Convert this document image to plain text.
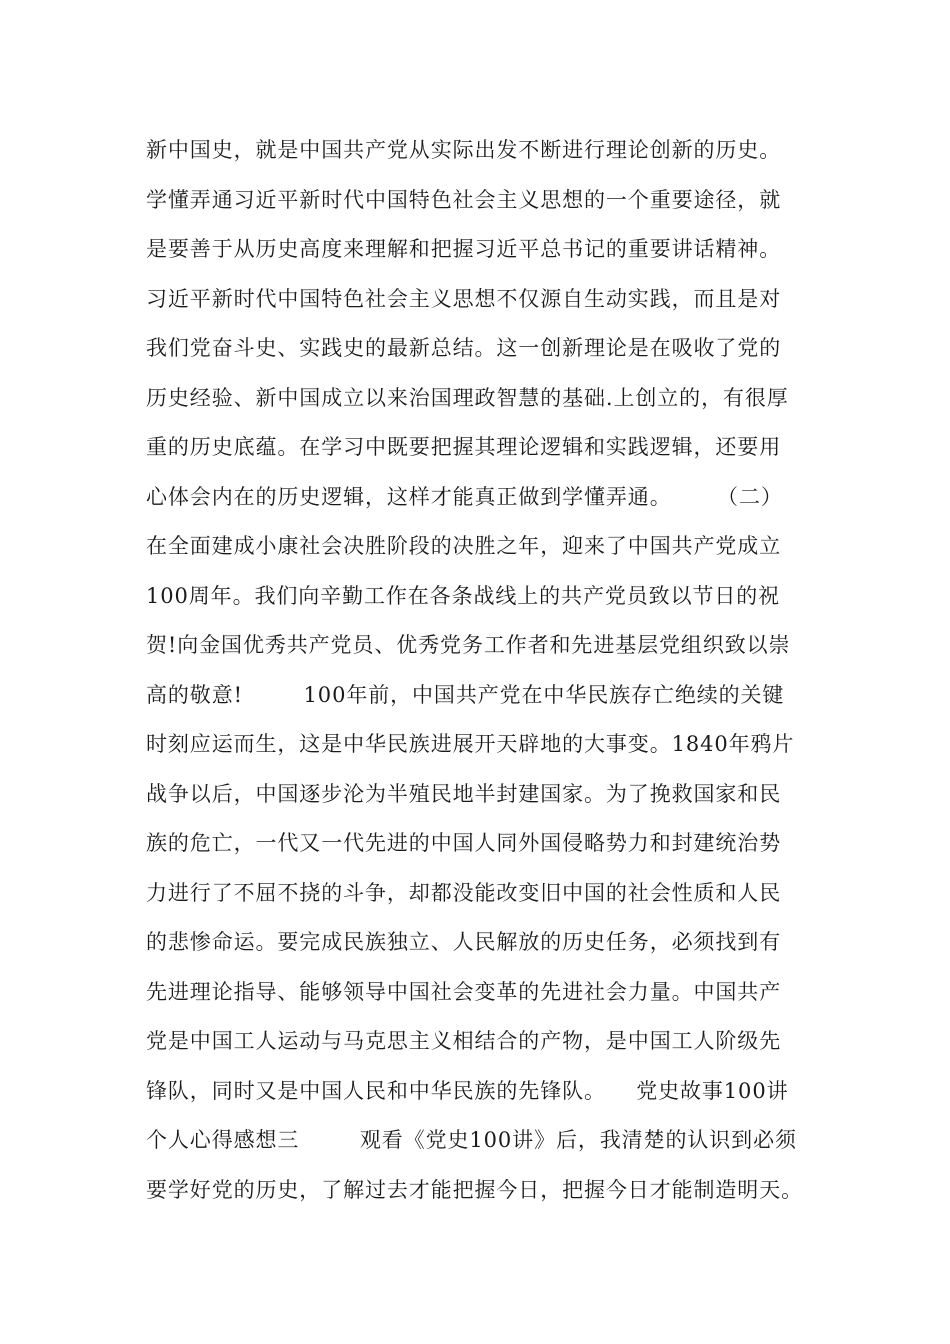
新中国史，就是中国共产党从实际出发不断进行理论创新的历史。
学懂弄通习近平新时代中国特色社会主义思想的一个重要途径，就
是要善于从历史高度来理解和把握习近平总书记的重要讲话精神。
习近平新时代中国特色社会主义思想不仅源自生动实践，而且是对
我们党奋斗史、实践史的最新总结。这一创新理论是在吸收了党的
历史经验、新中国成立以来治国理政智慧的基础.上创立的，有很厚
重的历史底蕴。在学习中既要把握其理论逻辑和实践逻辑，还要用
心体会内在的历史逻辑，这样才能真正做到学懂弄通。      （二）
在全面建成小康社会决胜阶段的决胜之年，迎来了中国共产党成立
100周年。我们向辛勤工作在各条战线上的共产党员致以节日的祝
贺!向金国优秀共产党员、优秀党务工作者和先进基层党组织致以崇
高的敬意!        100年前，中国共产党在中华民族存亡绝续的关键
时刻应运而生，这是中华民族进展开天辟地的大事变。1840年鸦片
战争以后，中国逐步沦为半殖民地半封建国家。为了挽救国家和民
族的危亡，一代又一代先进的中国人同外国侵略势力和封建统治势
力进行了不屈不挠的斗争，却都没能改变旧中国的社会性质和人民
的悲惨命运。要完成民族独立、人民解放的历史任务，必须找到有
先进理论指导、能够领导中国社会变革的先进社会力量。中国共产
党是中国工人运动与马克思主义相结合的产物，是中国工人阶级先
锋队，同时又是中国人民和中华民族的先锋队。    党史故事100讲
个人心得感想三        观看《党史100讲》后，我清楚的认识到必须
要学好党的历史，了解过去才能把握今日，把握今日才能制造明天。
